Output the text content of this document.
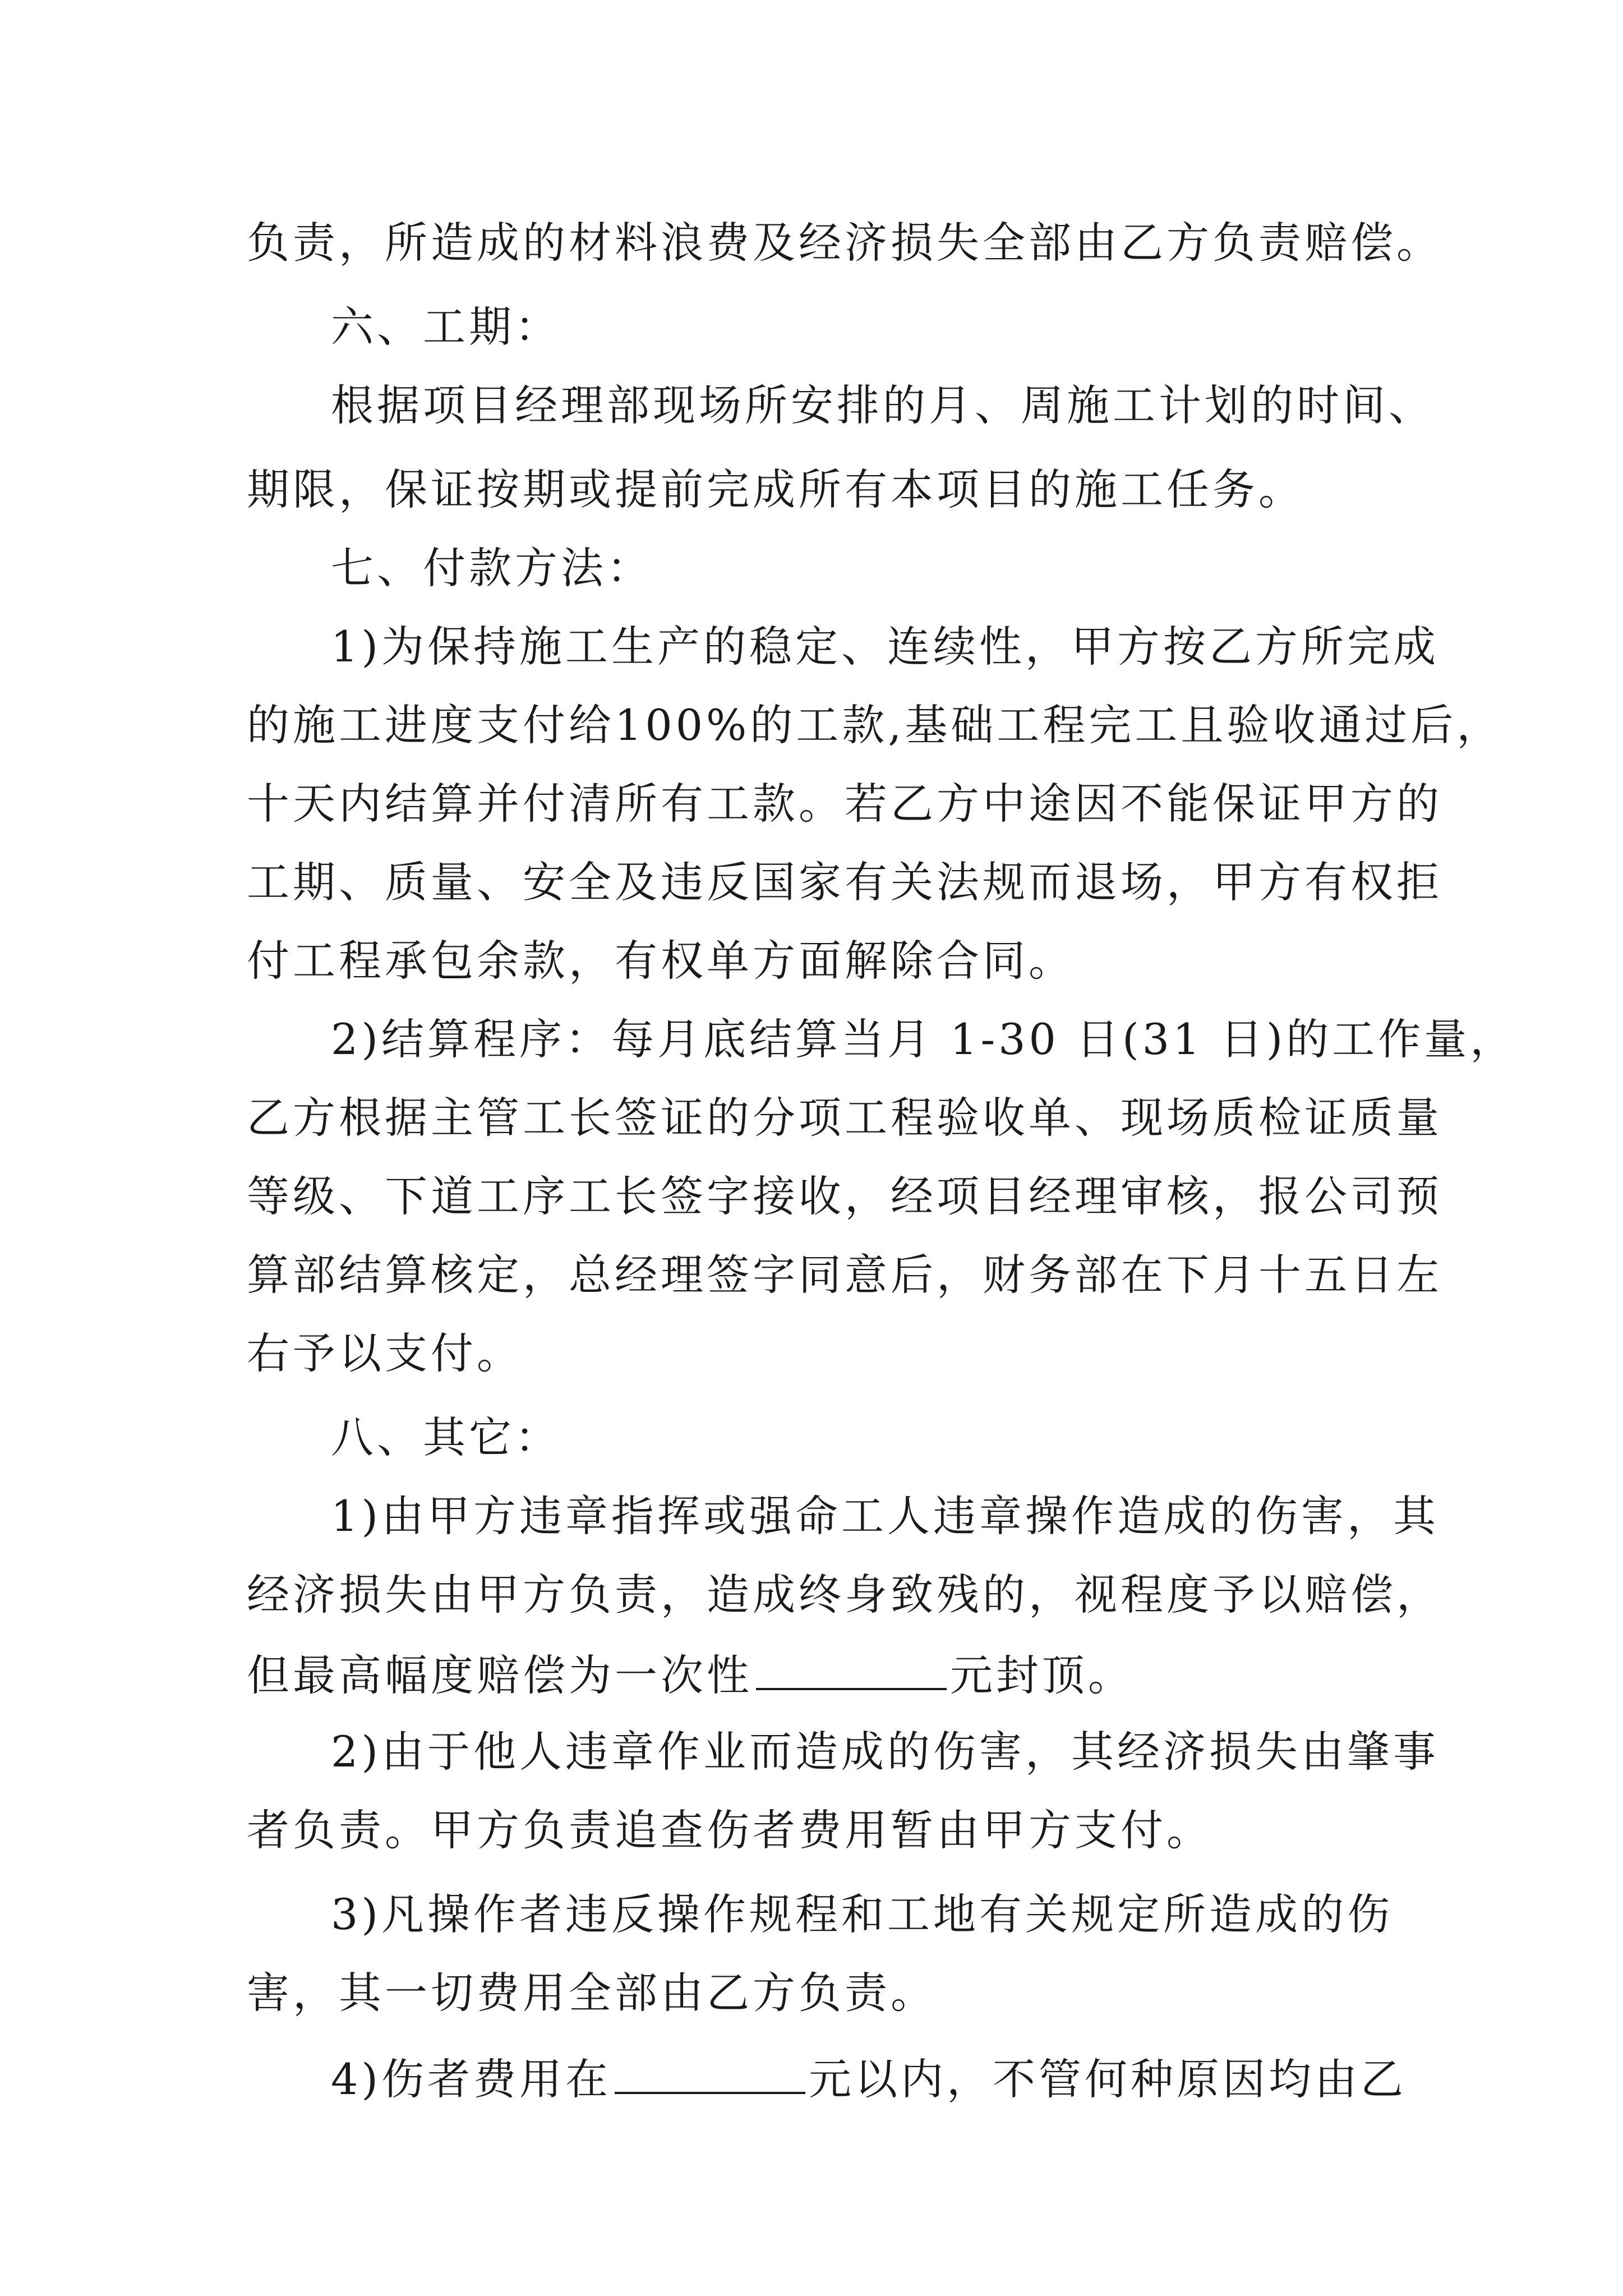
负责，所造成的材料浪费及经济损失全部由乙方负责赔偿。
六、工期：
根据项目经理部现场所安排的月、周施工计划的时间、
期限，保证按期或提前完成所有本项目的施工任务。
七、付款方法：
1)为保持施工生产的稳定、连续性，甲方按乙方所完成
的施工进度支付给100%的工款,基础工程完工且验收通过后，
十天内结算并付清所有工款。若乙方中途因不能保证甲方的
工期、质量、安全及违反国家有关法规而退场，甲方有权拒
付工程承包余款，有权单方面解除合同。
2)结算程序：每月底结算当月 1-30 日(31 日)的工作量，
乙方根据主管工长签证的分项工程验收单、现场质检证质量
等级、下道工序工长签字接收，经项目经理审核，报公司预
算部结算核定，总经理签字同意后，财务部在下月十五日左
右予以支付。
八、其它：
1)由甲方违章指挥或强命工人违章操作造成的伤害，其
经济损失由甲方负责，造成终身致残的，视程度予以赔偿，
但最高幅度赔偿为一次性	元封顶。
2)由于他人违章作业而造成的伤害，其经济损失由肇事
者负责。甲方负责追查伤者费用暂由甲方支付。
3)凡操作者违反操作规程和工地有关规定所造成的伤
害，其一切费用全部由乙方负责。
4)伤者费用在	元以内，不管何种原因均由乙
